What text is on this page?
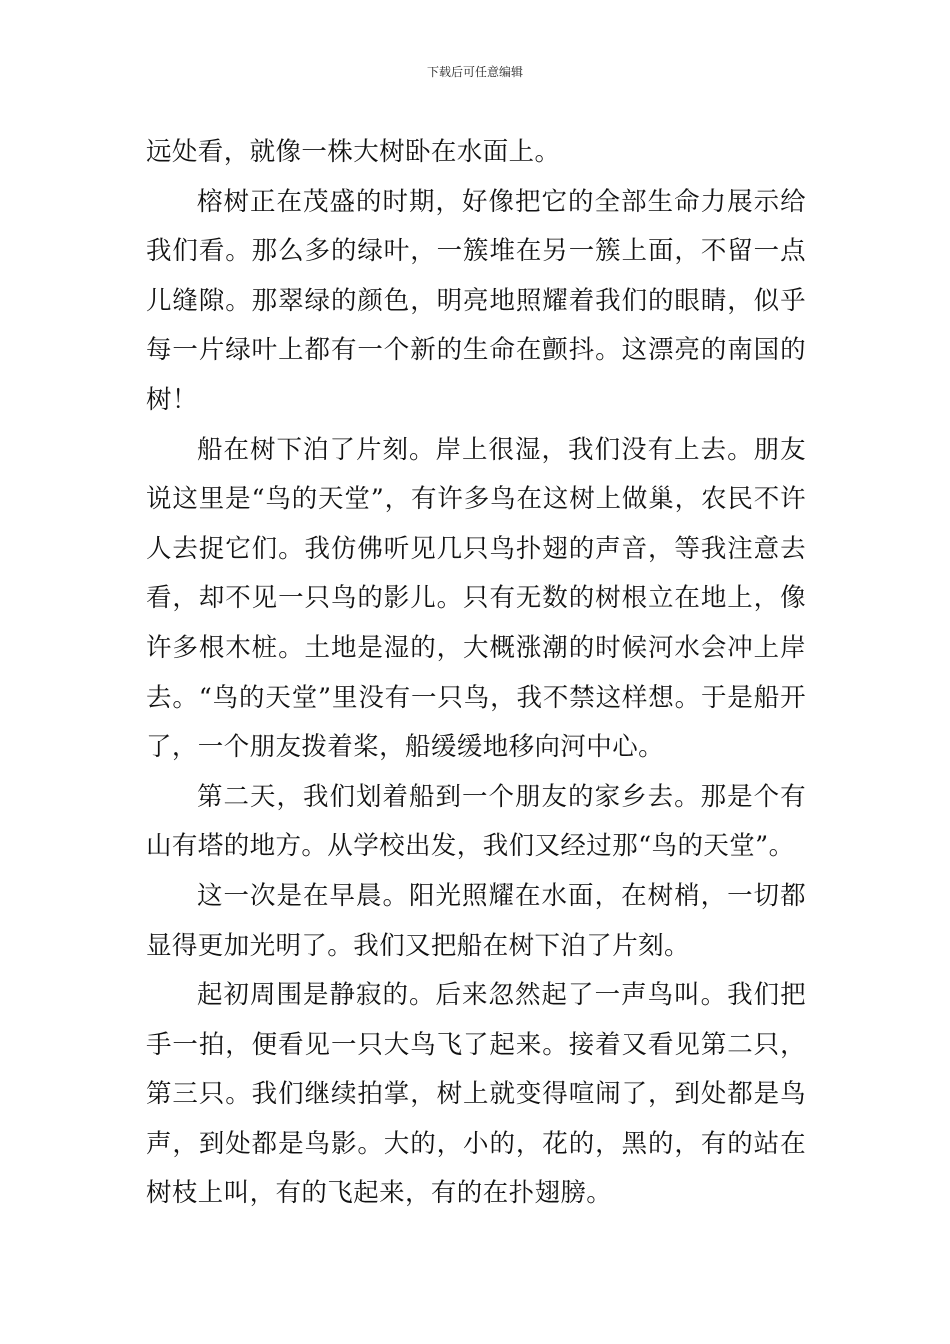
下载后可任意编辑

远处看，就像一株大树卧在水面上。

榕树正在茂盛的时期，好像把它的全部生命力展示给我们看。那么多的绿叶，一簇堆在另一簇上面，不留一点儿缝隙。那翠绿的颜色，明亮地照耀着我们的眼睛，似乎每一片绿叶上都有一个新的生命在颤抖。这漂亮的南国的树！

船在树下泊了片刻。岸上很湿，我们没有上去。朋友说这里是“鸟的天堂”，有许多鸟在这树上做巢，农民不许人去捉它们。我仿佛听见几只鸟扑翅的声音，等我注意去看，却不见一只鸟的影儿。只有无数的树根立在地上，像许多根木桩。土地是湿的，大概涨潮的时候河水会冲上岸去。“鸟的天堂”里没有一只鸟，我不禁这样想。于是船开了，一个朋友拨着桨，船缓缓地移向河中心。

第二天，我们划着船到一个朋友的家乡去。那是个有山有塔的地方。从学校出发，我们又经过那“鸟的天堂”。

这一次是在早晨。阳光照耀在水面，在树梢，一切都显得更加光明了。我们又把船在树下泊了片刻。

起初周围是静寂的。后来忽然起了一声鸟叫。我们把手一拍，便看见一只大鸟飞了起来。接着又看见第二只，第三只。我们继续拍掌，树上就变得喧闹了，到处都是鸟声，到处都是鸟影。大的，小的，花的，黑的，有的站在树枝上叫，有的飞起来，有的在扑翅膀。
